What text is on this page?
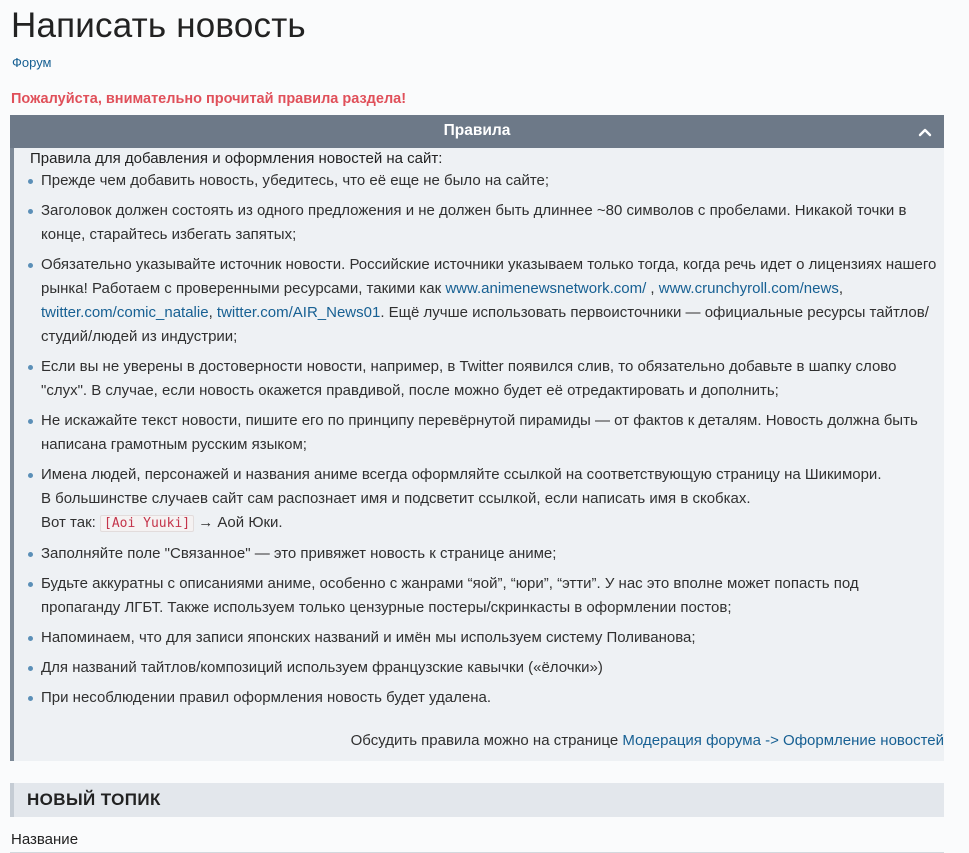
Написать новость
Форум
Пожалуйста, внимательно прочитай правила раздела!
Правила
Правила для добавления и оформления новостей на сайт:
Прежде чем добавить новость, убедитесь, что её еще не было на сайте;
Заголовок должен состоять из одного предложения и не должен быть длиннее ~80 символов с пробелами. Никакой точки в конце, старайтесь избегать запятых;
Обязательно указывайте источник новости. Российские источники указываем только тогда, когда речь идет о лицензиях нашего рынка! Работаем с проверенными ресурсами, такими как www.animenewsnetwork.com/ , www.crunchyroll.com/news, twitter.com/comic_natalie, twitter.com/AIR_News01. Ещё лучше использовать первоисточники — официальные ресурсы тайтлов/студий/людей из индустрии;
Если вы не уверены в достоверности новости, например, в Twitter появился слив, то обязательно добавьте в шапку слово "слух". В случае, если новость окажется правдивой, после можно будет её отредактировать и дополнить;
Не искажайте текст новости, пишите его по принципу перевёрнутой пирамиды — от фактов к деталям. Новость должна быть написана грамотным русским языком;
Имена людей, персонажей и названия аниме всегда оформляйте ссылкой на соответствующую страницу на Шикимори.
В большинстве случаев сайт сам распознает имя и подсветит ссылкой, если написать имя в скобках.
Вот так: [Aoi Yuuki] → Аой Юки.
Заполняйте поле "Связанное" — это привяжет новость к странице аниме;
Будьте аккуратны с описаниями аниме, особенно с жанрами “яой”, “юри”, “этти”. У нас это вполне может попасть под пропаганду ЛГБТ. Также используем только цензурные постеры/скринкасты в оформлении постов;
Напоминаем, что для записи японских названий и имён мы используем систему Поливанова;
Для названий тайтлов/композиций используем французские кавычки («ёлочки»)
При несоблюдении правил оформления новость будет удалена.
Обсудить правила можно на странице Модерация форума -> Оформление новостей
НОВЫЙ ТОПИК
Название
